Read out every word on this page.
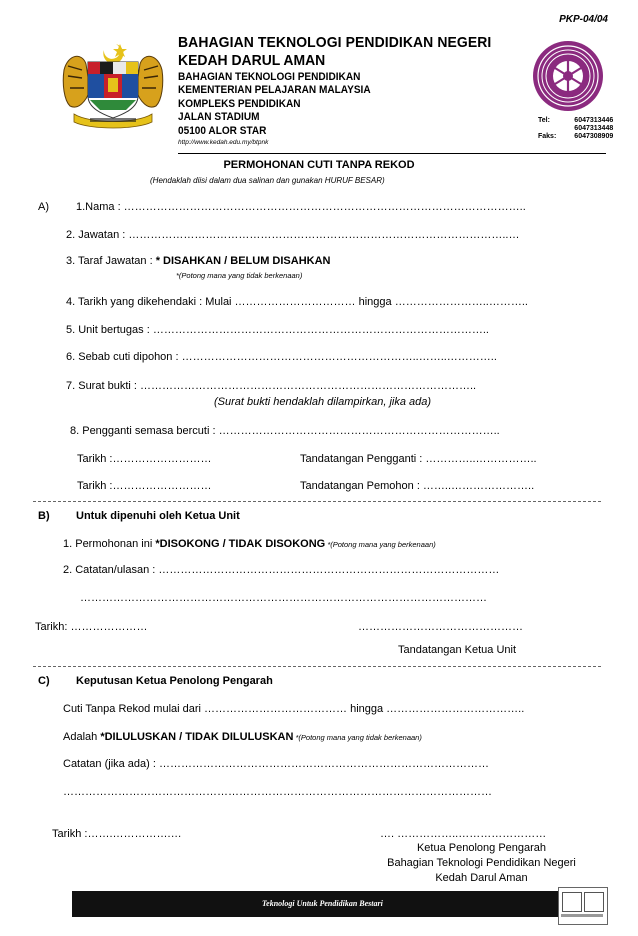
PKP-04/04
BAHAGIAN TEKNOLOGI PENDIDIKAN NEGERI
KEDAH DARUL AMAN
BAHAGIAN TEKNOLOGI PENDIDIKAN
KEMENTERIAN PELAJARAN MALAYSIA
KOMPLEKS PENDIDIKAN
JALAN STADIUM
05100 ALOR STAR
http://www.kedah.edu.my/btpnk
Tel:	6047313446
	6047313448
Faks:	6047308909
PERMOHONAN CUTI TANPA REKOD
(Hendaklah diisi dalam dua salinan dan gunakan HURUF BESAR)
A) 1.Nama : ………………………………………………………………………………………………..
2. Jawatan : …………………………………………………………………………………………..…
3. Taraf Jawatan : * DISAHKAN / BELUM DISAHKAN
*(Potong mana yang tidak berkenaan)
4. Tarikh yang dikehendaki : Mulai …………………………… hingga ……………………..………..
5. Unit bertugas : ………………………………………………………………………………..
6. Sebab cuti dipohon : ………………………………………………………..……..…………..
7. Surat bukti : ………………………………………………………………………………..
(Surat bukti hendaklah dilampirkan, jika ada)
8. Pengganti semasa bercuti : …………………………………………………………………..
Tarikh :………………………	Tandatangan Pengganti : …………..……………..
Tarikh :………………………	Tandatangan Pemohon : ……..…………………..
B) Untuk dipenuhi oleh Ketua Unit
1. Permohonan ini *DISOKONG / TIDAK DISOKONG *(Potong mana yang berkenaan)
2. Catatan/ulasan : …………………………………………………………………………………
…………………………………………………………………………………………………
Tarikh: …………………	………………………………………
Tandatangan Ketua Unit
C) Keputusan Ketua Penolong Pengarah
Cuti Tanpa Rekod mulai dari ………………………………… hingga ………………………………..
Adalah *DILULUSKAN / TIDAK DILULUSKAN *(Potong mana yang tidak berkenaan)
Catatan (jika ada) : ………………………………………………………………………………
………………………………………………………………………………………………………
Tarikh :…….…………….…	…. ……………..……………………
Ketua Penolong Pengarah
Bahagian Teknologi Pendidikan Negeri
Kedah Darul Aman
Teknologi Untuk Pendidikan Bestari
